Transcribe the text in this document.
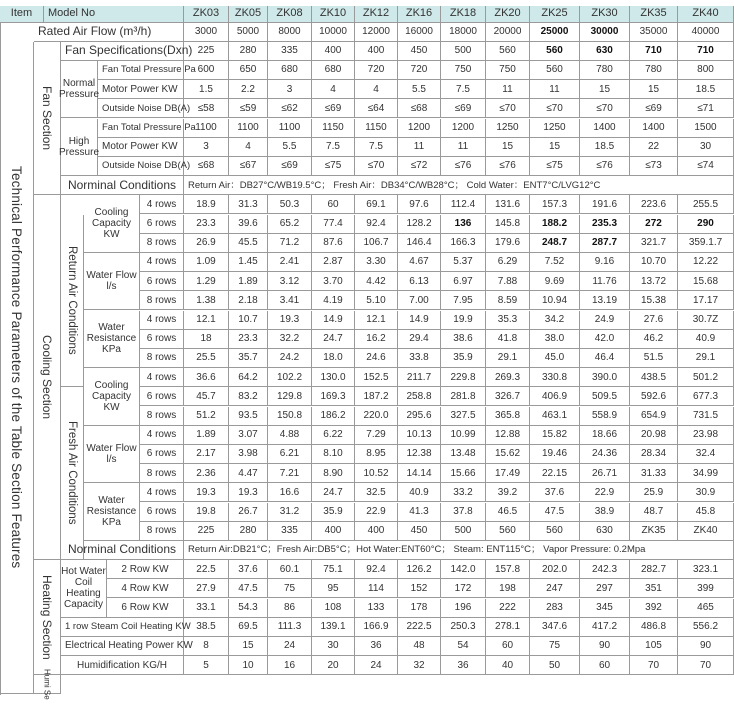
Item	Model No	ZK03	ZK05	ZK08	ZK10	ZK12	ZK16	ZK18	ZK20	ZK25	ZK30	ZK35	ZK40
Technical Performance Parameters of the Table Section Features
Fan Section
Cooling Section
Heating Section
Humi Se
Return Air Conditions
Fresh Air Conditions
Rated Air Flow (m³/h)	3000	5000	8000	10000	12000	16000	18000	20000	25000	30000	35000	40000
Fan Specifications(Dxn) 225	280	335	400	400	450	500	560	560	630	710	710
Normal Pressure
Fan Total Pressure Pa 600	650	680	680	720	720	750	750	560	780	780	800
Motor Power KW	1.5	2.2	3	4	4	5.5	7.5	11	11	15	15	18.5
Outside Noise DB(A) ≤58	≤59	≤62	≤69	≤64	≤68	≤69	≤70	≤70	≤70	≤69	≤71
High Pressure
Fan Total Pressure Pa 1100	1100	1100	1150	1150	1200	1200	1250	1250	1400	1400	1500
Motor Power KW	3	4	5.5	7.5	7.5	11	11	15	15	18.5	22	30
Outside Noise DB(A) ≤68	≤67	≤69	≤75	≤70	≤72	≤76	≤76	≤75	≤76	≤73	≤74
Norminal Conditions	Return Air：DB27°C/WB19.5°C； Fresh Air：DB34°C/WB28°C； Cold Water：ENT7°C/LVG12°C
Cooling Capacity KW
4 rows	18.9	31.3	50.3	60	69.1	97.6	112.4	131.6	157.3	191.6	223.6	255.5
6 rows	23.3	39.6	65.2	77.4	92.4	128.2	136	145.8	188.2	235.3	272	290
8 rows	26.9	45.5	71.2	87.6	106.7	146.4	166.3	179.6	248.7	287.7	321.7	359.1.7
Water Flow l/s
4 rows	1.09	1.45	2.41	2.87	3.30	4.67	5.37	6.29	7.52	9.16	10.70	12.22
6 rows	1.29	1.89	3.12	3.70	4.42	6.13	6.97	7.88	9.69	11.76	13.72	15.68
8 rows	1.38	2.18	3.41	4.19	5.10	7.00	7.95	8.59	10.94	13.19	15.38	17.17
Water Resistance KPa
4 rows	12.1	10.7	19.3	14.9	12.1	14.9	19.9	35.3	34.2	24.9	27.6	30.7Z
6 rows	18	23.3	32.2	24.7	16.2	29.4	38.6	41.8	38.0	42.0	46.2	40.9
8 rows	25.5	35.7	24.2	18.0	24.6	33.8	35.9	29.1	45.0	46.4	51.5	29.1
Cooling Capacity KW
4 rows	36.6	64.2	102.2	130.0	152.5	211.7	229.8	269.3	330.8	390.0	438.5	501.2
6 rows	45.7	83.2	129.8	169.3	187.2	258.8	281.8	326.7	406.9	509.5	592.6	677.3
8 rows	51.2	93.5	150.8	186.2	220.0	295.6	327.5	365.8	463.1	558.9	654.9	731.5
Water Flow l/s
4 rows	1.89	3.07	4.88	6.22	7.29	10.13	10.99	12.88	15.82	18.66	20.98	23.98
6 rows	2.17	3.98	6.21	8.10	8.95	12.38	13.48	15.62	19.46	24.36	28.34	32.4
8 rows	2.36	4.47	7.21	8.90	10.52	14.14	15.66	17.49	22.15	26.71	31.33	34.99
Water Resistance KPa
4 rows	19.3	19.3	16.6	24.7	32.5	40.9	33.2	39.2	37.6	22.9	25.9	30.9
6 rows	19.8	26.7	31.2	35.9	22.9	41.3	37.8	46.5	47.5	38.9	48.7	45.8
8 rows	225	280	335	400	400	450	500	560	560	630	ZK35	ZK40
Norminal Conditions	Return Air:DB21°C；Fresh Air:DB5°C；Hot Water:ENT60°C； Steam: ENT115°C； Vapor Pressure: 0.2Mpa
Hot Water Coil Heating Capacity
2 Row KW	22.5	37.6	60.1	75.1	92.4	126.2	142.0	157.8	202.0	242.3	282.7	323.1
4 Row KW	27.9	47.5	75	95	114	152	172	198	247	297	351	399
6 Row KW	33.1	54.3	86	108	133	178	196	222	283	345	392	465
1 row Steam Coil Heating KW 38.5	69.5	111.3	139.1	166.9	222.5	250.3	278.1	347.6	417.2	486.8	556.2
Electrical Heating Power KW	8	15	24	30	36	48	54	60	75	90	105	90
Humidification KG/H	5	10	16	20	24	32	36	40	50	60	70	70
